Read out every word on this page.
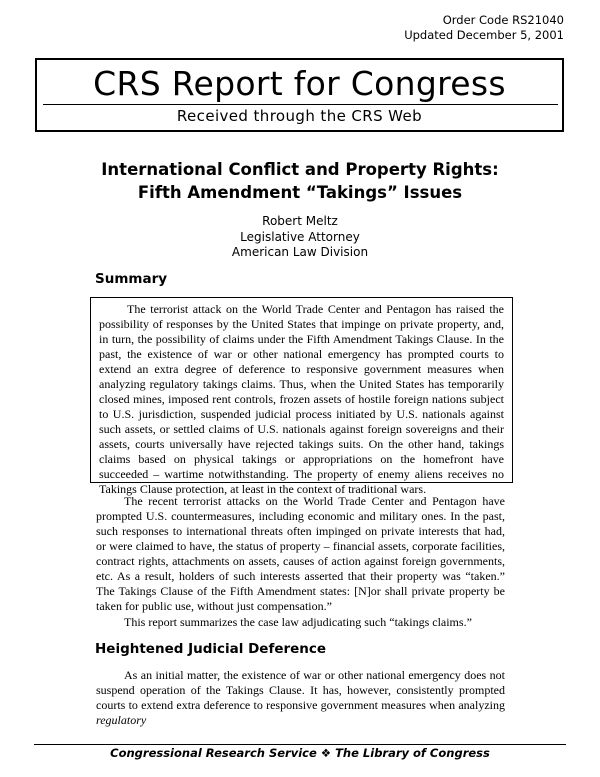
Order Code RS21040
Updated December 5, 2001
CRS Report for Congress
Received through the CRS Web
International Conflict and Property Rights:
Fifth Amendment “Takings” Issues
Robert Meltz
Legislative Attorney
American Law Division
Summary

The terrorist attack on the World Trade Center and Pentagon has raised the possibility of responses by the United States that impinge on private property, and, in turn, the possibility of claims under the Fifth Amendment Takings Clause. In the past, the existence of war or other national emergency has prompted courts to extend an extra degree of deference to responsive government measures when analyzing regulatory takings claims. Thus, when the United States has temporarily closed mines, imposed rent controls, frozen assets of hostile foreign nations subject to U.S. jurisdiction, suspended judicial process initiated by U.S. nationals against such assets, or settled claims of U.S. nationals against foreign sovereigns and their assets, courts universally have rejected takings suits. On the other hand, takings claims based on physical takings or appropriations on the homefront have succeeded – wartime notwithstanding. The property of enemy aliens receives no Takings Clause protection, at least in the context of traditional wars.

The recent terrorist attacks on the World Trade Center and Pentagon have prompted U.S. countermeasures, including economic and military ones. In the past, such responses to international threats often impinged on private interests that had, or were claimed to have, the status of property – financial assets, corporate facilities, contract rights, attachments on assets, causes of action against foreign governments, etc. As a result, holders of such interests asserted that their property was “taken.” The Takings Clause of the Fifth Amendment states: [N]or shall private property be taken for public use, without just compensation.”

This report summarizes the case law adjudicating such “takings claims.”

Heightened Judicial Deference

As an initial matter, the existence of war or other national emergency does not suspend operation of the Takings Clause. It has, however, consistently prompted courts to extend extra deference to responsive government measures when analyzing regulatory

Congressional Research Service ❖ The Library of Congress
